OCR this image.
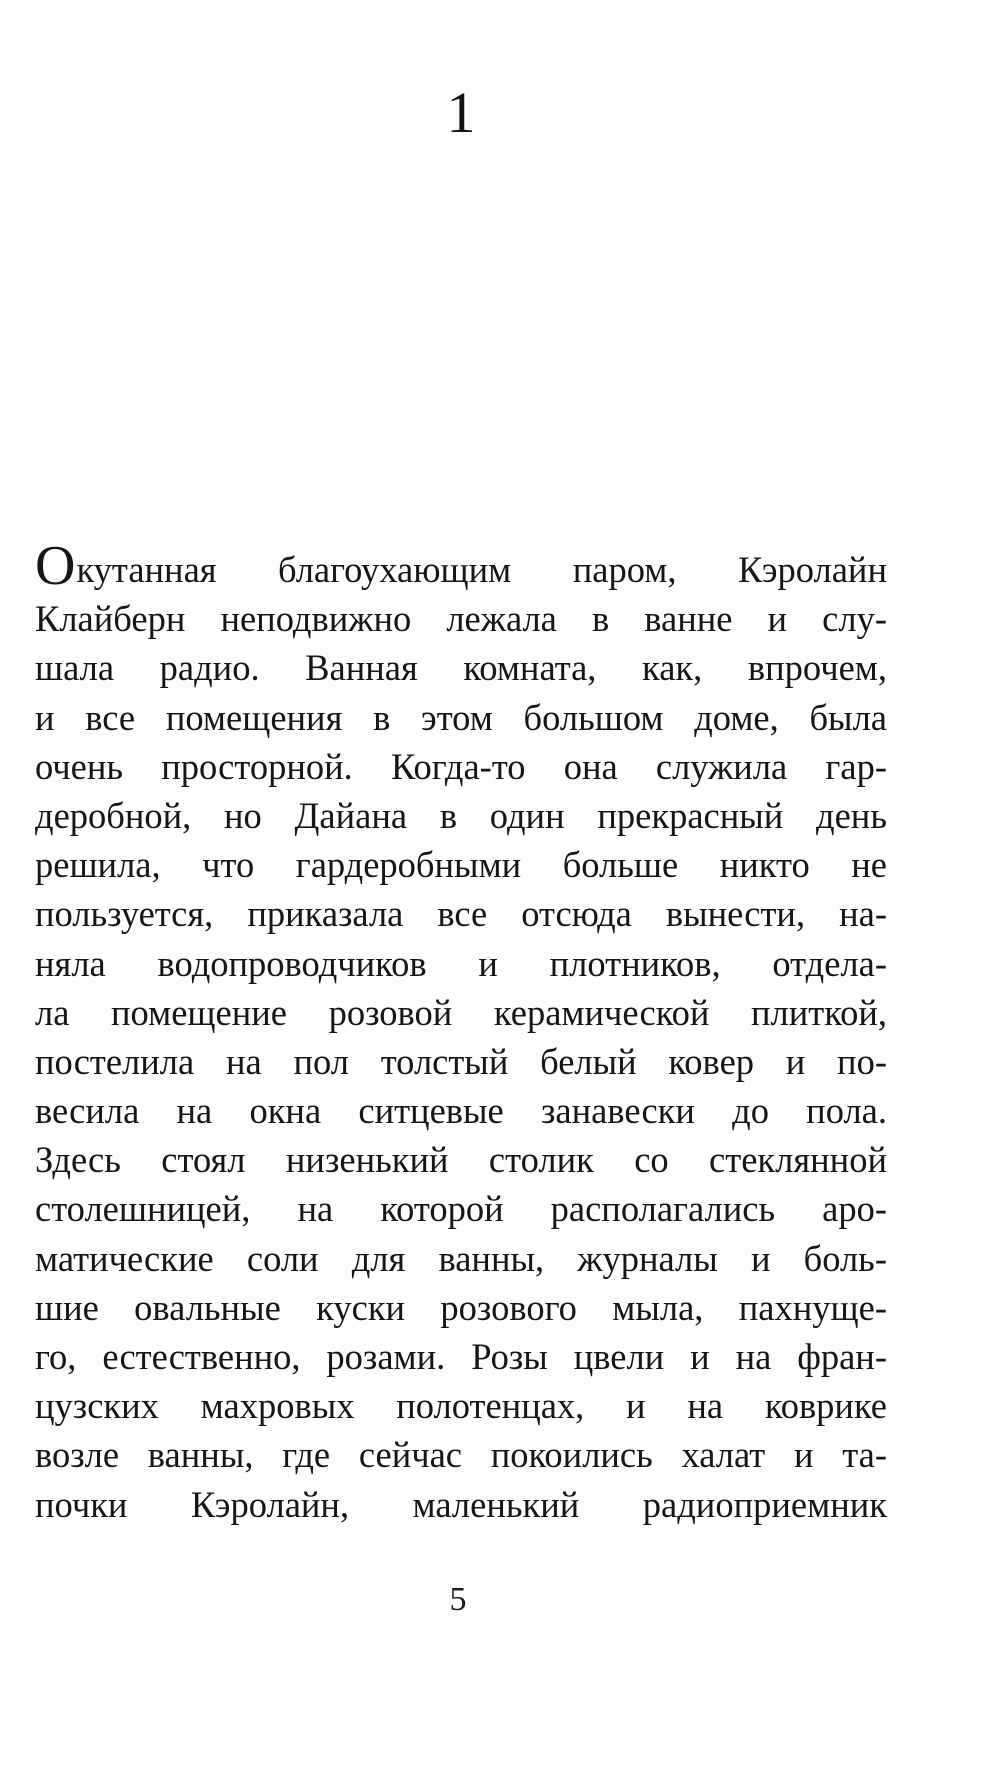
1
Окутанная благоухающим паром, Кэролайн
Клайберн неподвижно лежала в ванне и слу-
шала радио. Ванная комната, как, впрочем,
и все помещения в этом большом доме, была
очень просторной. Когда-то она служила гар-
деробной, но Дайана в один прекрасный день
решила, что гардеробными больше никто не
пользуется, приказала все отсюда вынести, на-
няла водопроводчиков и плотников, отдела-
ла помещение розовой керамической плиткой,
постелила на пол толстый белый ковер и по-
весила на окна ситцевые занавески до пола.
Здесь стоял низенький столик со стеклянной
столешницей, на которой располагались аро-
матические соли для ванны, журналы и боль-
шие овальные куски розового мыла, пахнуще-
го, естественно, розами. Розы цвели и на фран-
цузских махровых полотенцах, и на коврике
возле ванны, где сейчас покоились халат и та-
почки Кэролайн, маленький радиоприемник
5
